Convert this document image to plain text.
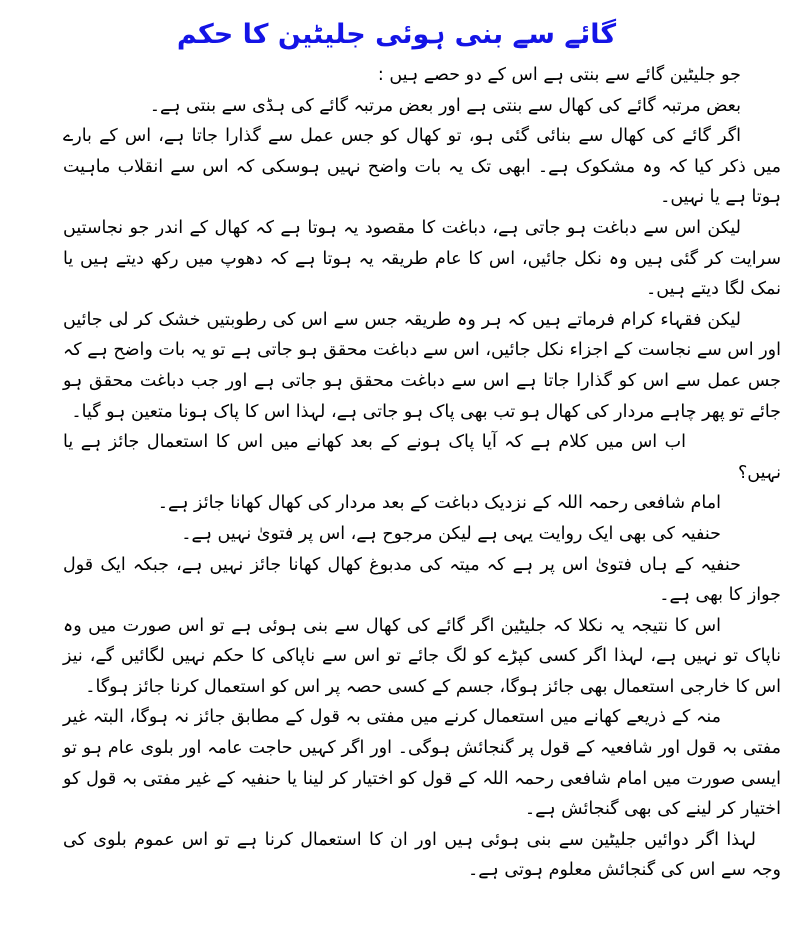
گائے سے بنی ہوئی جلیٹین کا حکم

جو جلیٹین گائے سے بنتی ہے اس کے دو حصے ہیں :

بعض مرتبہ گائے کی کھال سے بنتی ہے اور بعض مرتبہ گائے کی ہڈی سے بنتی ہے۔

اگر گائے کی کھال سے بنائی گئی ہو، تو کھال کو جس عمل سے گذارا جاتا ہے، اس کے بارے میں ذکر کیا کہ وہ مشکوک ہے۔ ابھی تک یہ بات واضح نہیں ہوسکی کہ اس سے انقلاب ماہیت ہوتا ہے یا نہیں۔

لیکن اس سے دباغت ہو جاتی ہے، دباغت کا مقصود یہ ہوتا ہے کہ کھال کے اندر جو نجاستیں سرایت کر گئی ہیں وہ نکل جائیں، اس کا عام طریقہ یہ ہوتا ہے کہ دھوپ میں رکھ دیتے ہیں یا نمک لگا دیتے ہیں۔

لیکن فقہاء کرام فرماتے ہیں کہ ہر وہ طریقہ جس سے اس کی رطوبتیں خشک کر لی جائیں اور اس سے نجاست کے اجزاء نکل جائیں، اس سے دباغت محقق ہو جاتی ہے تو یہ بات واضح ہے کہ جس عمل سے اس کو گذارا جاتا ہے اس سے دباغت محقق ہو جاتی ہے اور جب دباغت محقق ہو جائے تو پھر چاہے مردار کی کھال ہو تب بھی پاک ہو جاتی ہے، لہذا اس کا پاک ہونا متعین ہو گیا۔

اب اس میں کلام ہے کہ آیا پاک ہونے کے بعد کھانے میں اس کا استعمال جائز ہے یا نہیں؟

امام شافعی رحمہ اللہ کے نزدیک دباغت کے بعد مردار کی کھال کھانا جائز ہے۔

حنفیہ کی بھی ایک روایت یہی ہے لیکن مرجوح ہے، اس پر فتویٰ نہیں ہے۔

حنفیہ کے ہاں فتویٰ اس پر ہے کہ میتہ کی مدبوغ کھال کھانا جائز نہیں ہے، جبکہ ایک قول جواز کا بھی ہے۔

اس کا نتیجہ یہ نکلا کہ جلیٹین اگر گائے کی کھال سے بنی ہوئی ہے تو اس صورت میں وہ ناپاک تو نہیں ہے، لہذا اگر کسی کپڑے کو لگ جائے تو اس سے ناپاکی کا حکم نہیں لگائیں گے، نیز اس کا خارجی استعمال بھی جائز ہوگا، جسم کے کسی حصہ پر اس کو استعمال کرنا جائز ہوگا۔

منہ کے ذریعے کھانے میں استعمال کرنے میں مفتی بہ قول کے مطابق جائز نہ ہوگا، البتہ غیر مفتی بہ قول اور شافعیہ کے قول پر گنجائش ہوگی۔ اور اگر کہیں حاجت عامہ اور بلوی عام ہو تو ایسی صورت میں امام شافعی رحمہ اللہ کے قول کو اختیار کر لینا یا حنفیہ کے غیر مفتی بہ قول کو اختیار کر لینے کی بھی گنجائش ہے۔

لہذا اگر دوائیں جلیٹین سے بنی ہوئی ہیں اور ان کا استعمال کرنا ہے تو اس عموم بلوی کی وجہ سے اس کی گنجائش معلوم ہوتی ہے۔
